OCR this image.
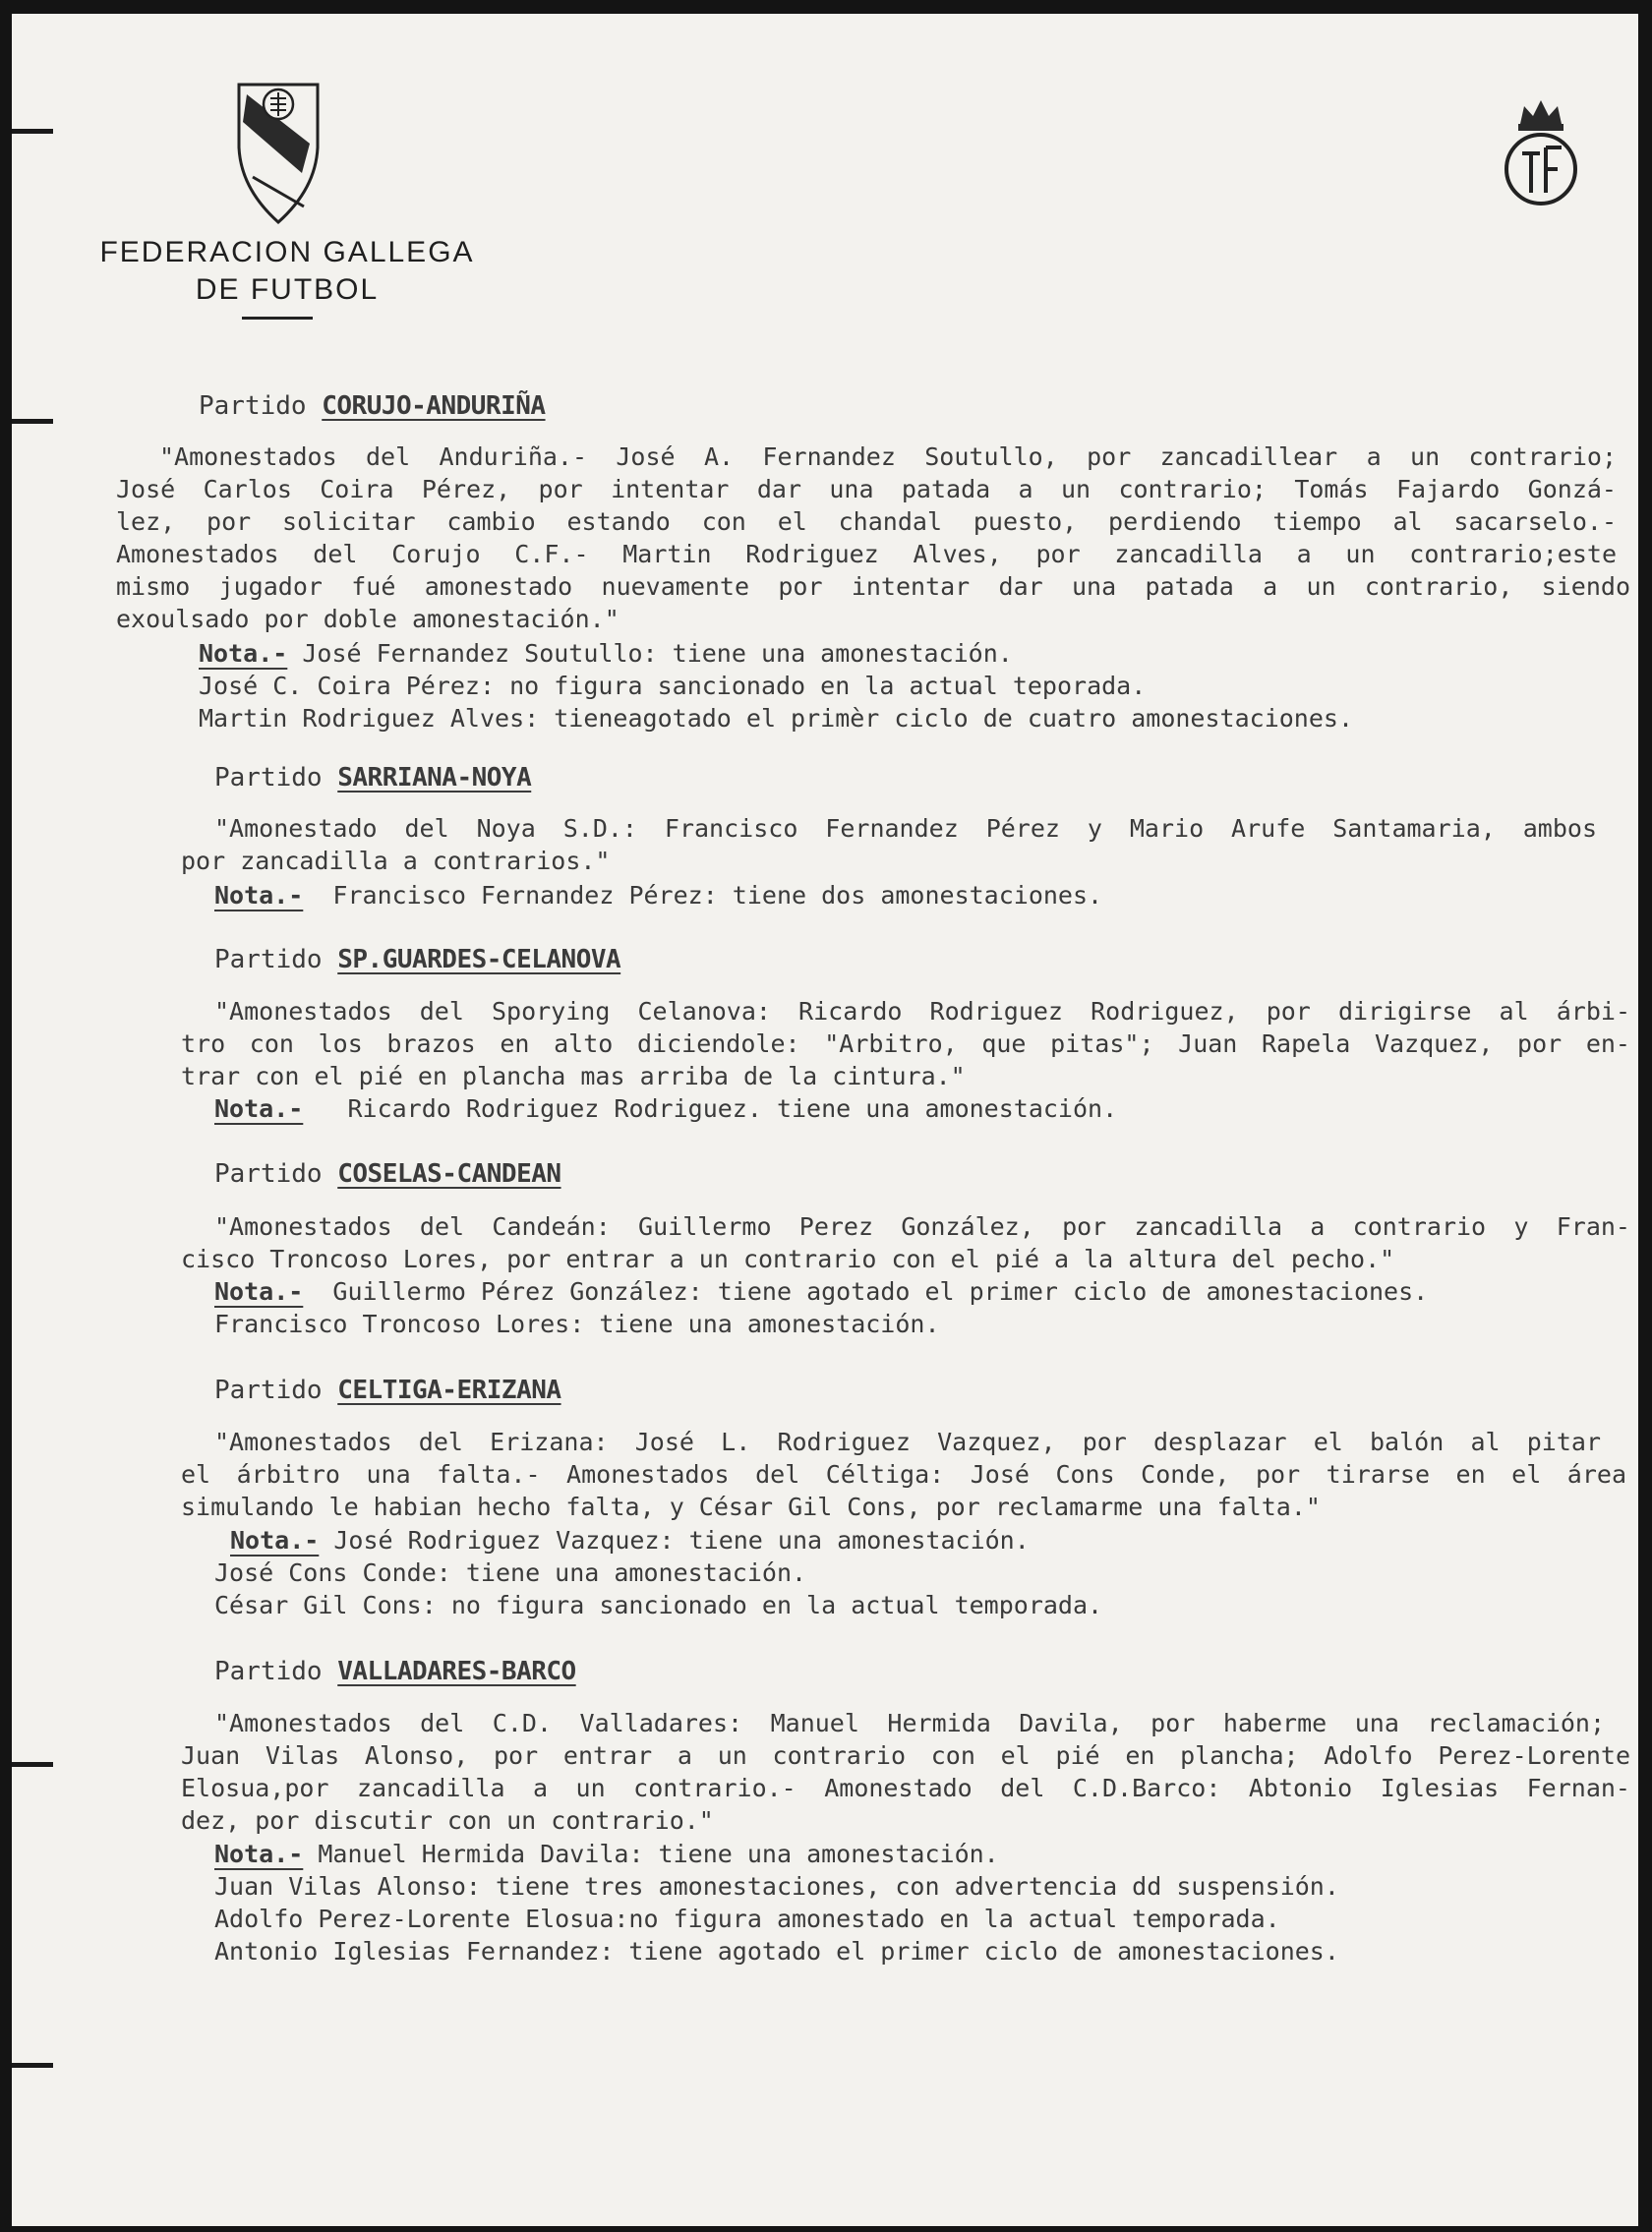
FEDERACION GALLEGA
DE FUTBOL
Partido CORUJO-ANDURIÑA
"Amonestados del Anduriña.- José A. Fernandez Soutullo, por zancadillear a un contrario;
José Carlos Coira Pérez, por intentar dar una patada a un contrario; Tomás Fajardo Gonzá-
lez, por solicitar cambio estando con el chandal puesto, perdiendo tiempo al sacarselo.-
Amonestados del Corujo C.F.- Martin Rodriguez Alves, por zancadilla a un contrario;este
mismo jugador fué amonestado nuevamente por intentar dar una patada a un contrario, siendo
exoulsado por doble amonestación."
Nota.- José Fernandez Soutullo: tiene una amonestación.
José C. Coira Pérez: no figura sancionado en la actual teporada.
Martin Rodriguez Alves: tieneagotado el primèr ciclo de cuatro amonestaciones.
Partido SARRIANA-NOYA
"Amonestado del Noya S.D.: Francisco Fernandez Pérez y Mario Arufe Santamaria, ambos
por zancadilla a contrarios."
Nota.- Francisco Fernandez Pérez: tiene dos amonestaciones.
Partido SP.GUARDES-CELANOVA
"Amonestados del Sporying Celanova: Ricardo Rodriguez Rodriguez, por dirigirse al árbi-
tro con los brazos en alto diciendole: "Arbitro, que pitas"; Juan Rapela Vazquez, por en-
trar con el pié en plancha mas arriba de la cintura."
Nota.- Ricardo Rodriguez Rodriguez. tiene una amonestación.
Partido COSELAS-CANDEAN
"Amonestados del Candeán: Guillermo Perez González, por zancadilla a contrario y Fran-
cisco Troncoso Lores, por entrar a un contrario con el pié a la altura del pecho."
Nota.- Guillermo Pérez González: tiene agotado el primer ciclo de amonestaciones.
Francisco Troncoso Lores: tiene una amonestación.
Partido CELTIGA-ERIZANA
"Amonestados del Erizana: José L. Rodriguez Vazquez, por desplazar el balón al pitar
el árbitro una falta.- Amonestados del Céltiga: José Cons Conde, por tirarse en el área
simulando le habian hecho falta, y César Gil Cons, por reclamarme una falta."
Nota.- José Rodriguez Vazquez: tiene una amonestación.
José Cons Conde: tiene una amonestación.
César Gil Cons: no figura sancionado en la actual temporada.
Partido VALLADARES-BARCO
"Amonestados del C.D. Valladares: Manuel Hermida Davila, por haberme una reclamación;
Juan Vilas Alonso, por entrar a un contrario con el pié en plancha; Adolfo Perez-Lorente
Elosua,por zancadilla a un contrario.- Amonestado del C.D.Barco: Abtonio Iglesias Fernan-
dez, por discutir con un contrario."
Nota.- Manuel Hermida Davila: tiene una amonestación.
Juan Vilas Alonso: tiene tres amonestaciones, con advertencia dd suspensión.
Adolfo Perez-Lorente Elosua:no figura amonestado en la actual temporada.
Antonio Iglesias Fernandez: tiene agotado el primer ciclo de amonestaciones.
